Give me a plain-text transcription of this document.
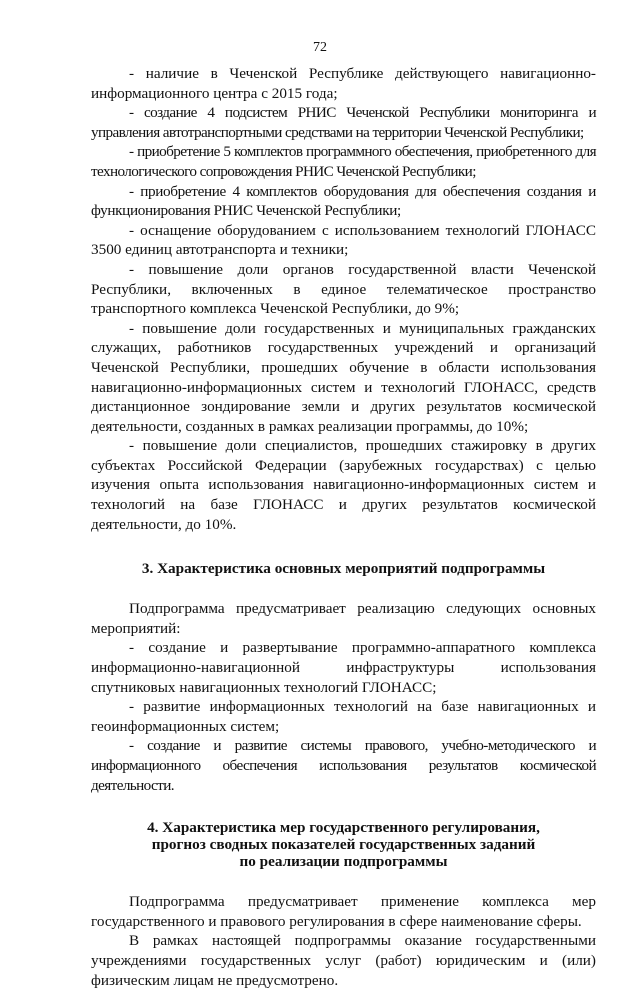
72

- наличие в Чеченской Республике действующего навигационно-информационного центра с 2015 года;

- создание 4 подсистем РНИС Чеченской Республики мониторинга и управления автотранспортными средствами на территории Чеченской Республики;

- приобретение 5 комплектов программного обеспечения, приобретенного для технологического сопровождения РНИС Чеченской Республики;

- приобретение 4 комплектов оборудования для обеспечения создания и функционирования РНИС Чеченской Республики;

- оснащение оборудованием с использованием технологий ГЛОНАСС 3500 единиц автотранспорта и техники;

- повышение доли органов государственной власти Чеченской Республики, включенных в единое телематическое пространство транспортного комплекса Чеченской Республики, до 9%;

- повышение доли государственных и муниципальных гражданских служащих, работников государственных учреждений и организаций Чеченской Республики, прошедших обучение в области использования навигационно-информационных систем и технологий ГЛОНАСС, средств дистанционное зондирование земли и других результатов космической деятельности, созданных в рамках реализации программы, до 10%;

- повышение доли специалистов, прошедших стажировку в других субъектах Российской Федерации (зарубежных государствах) с целью изучения опыта использования навигационно-информационных систем и технологий на базе ГЛОНАСС и других результатов космической деятельности, до 10%.

3. Характеристика основных мероприятий подпрограммы

Подпрограмма предусматривает реализацию следующих основных мероприятий:

- создание и развертывание программно-аппаратного комплекса информационно-навигационной инфраструктуры использования спутниковых навигационных технологий ГЛОНАСС;

- развитие информационных технологий на базе навигационных и геоинформационных систем;

- создание и развитие системы правового, учебно-методического и информационного обеспечения использования результатов космической деятельности.

4. Характеристика мер государственного регулирования,

прогноз сводных показателей государственных заданий

по реализации подпрограммы

Подпрограмма предусматривает применение комплекса мер государственного и правового регулирования в сфере наименование сферы.

В рамках настоящей подпрограммы оказание государственными учреждениями государственных услуг (работ) юридическим и (или) физическим лицам не предусмотрено.
